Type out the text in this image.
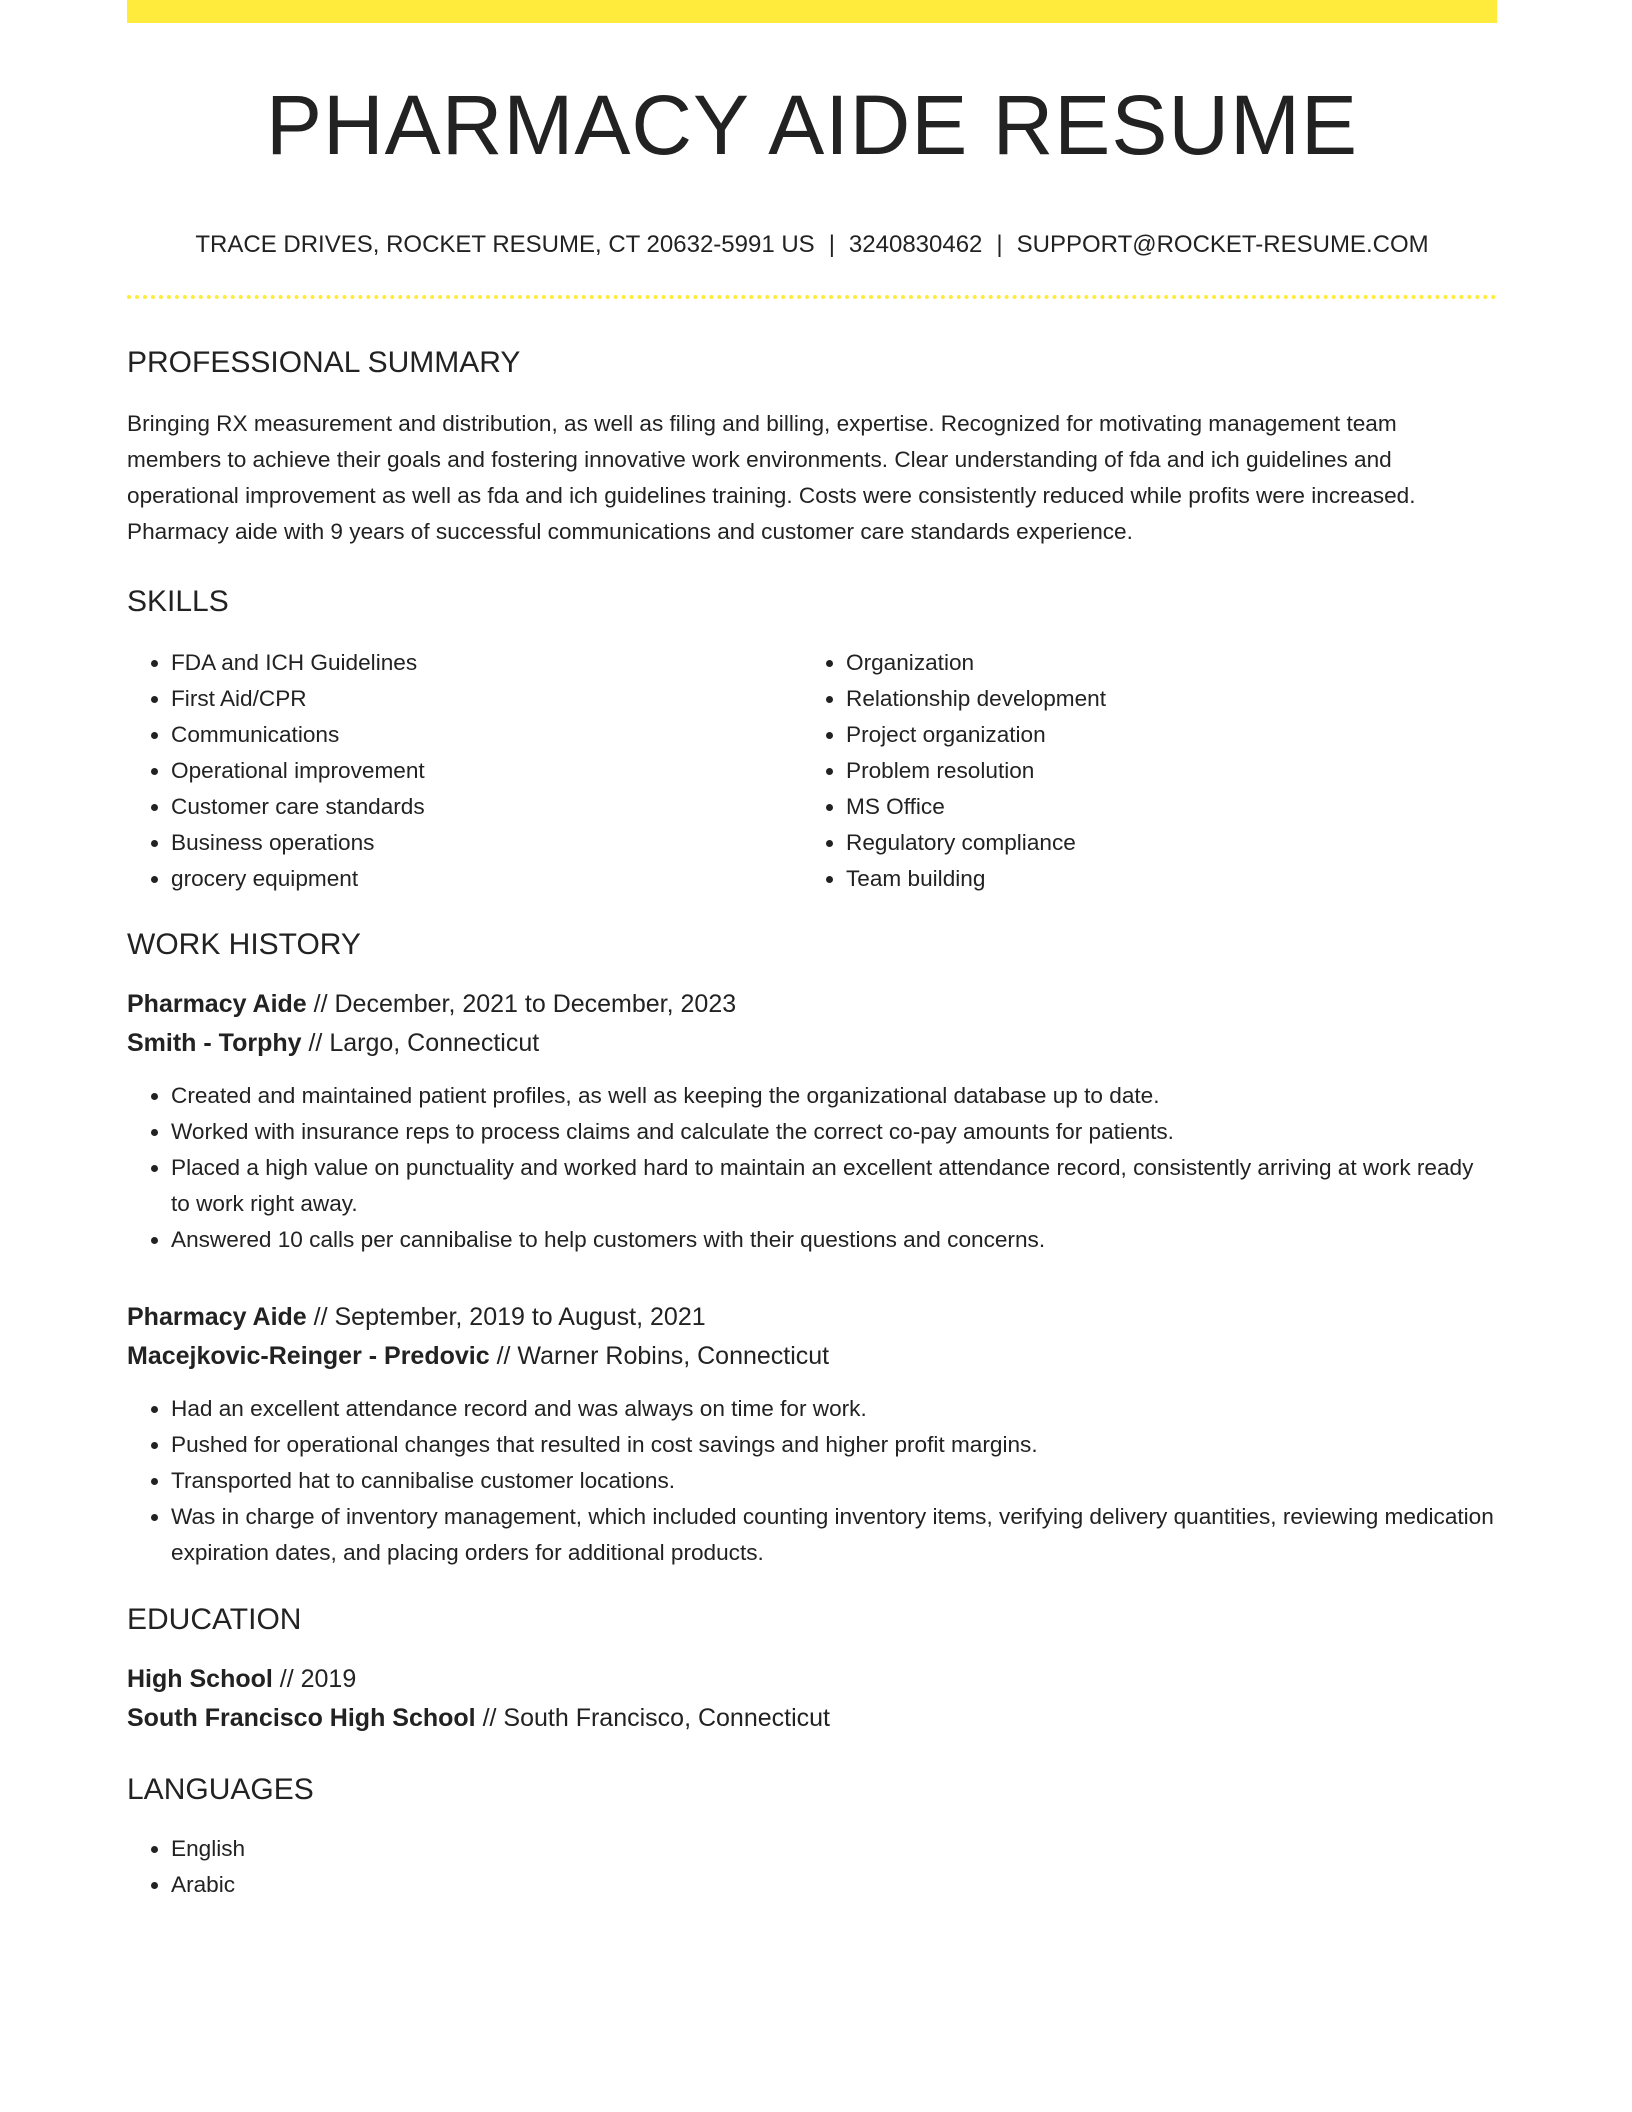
PHARMACY AIDE RESUME
TRACE DRIVES, ROCKET RESUME, CT 20632-5991 US | 3240830462 | SUPPORT@ROCKET-RESUME.COM
PROFESSIONAL SUMMARY

Bringing RX measurement and distribution, as well as filing and billing, expertise. Recognized for motivating management team members to achieve their goals and fostering innovative work environments. Clear understanding of fda and ich guidelines and operational improvement as well as fda and ich guidelines training. Costs were consistently reduced while profits were increased. Pharmacy aide with 9 years of successful communications and customer care standards experience.

SKILLS
• FDA and ICH Guidelines
• First Aid/CPR
• Communications
• Operational improvement
• Customer care standards
• Business operations
• grocery equipment
• Organization
• Relationship development
• Project organization
• Problem resolution
• MS Office
• Regulatory compliance
• Team building
WORK HISTORY
Pharmacy Aide // December, 2021 to December, 2023
Smith - Torphy // Largo, Connecticut
• Created and maintained patient profiles, as well as keeping the organizational database up to date.
• Worked with insurance reps to process claims and calculate the correct co-pay amounts for patients.
• Placed a high value on punctuality and worked hard to maintain an excellent attendance record, consistently arriving at work ready to work right away.
• Answered 10 calls per cannibalise to help customers with their questions and concerns.
Pharmacy Aide // September, 2019 to August, 2021
Macejkovic-Reinger - Predovic // Warner Robins, Connecticut
• Had an excellent attendance record and was always on time for work.
• Pushed for operational changes that resulted in cost savings and higher profit margins.
• Transported hat to cannibalise customer locations.
• Was in charge of inventory management, which included counting inventory items, verifying delivery quantities, reviewing medication expiration dates, and placing orders for additional products.
EDUCATION
High School // 2019
South Francisco High School // South Francisco, Connecticut
LANGUAGES
• English
• Arabic
